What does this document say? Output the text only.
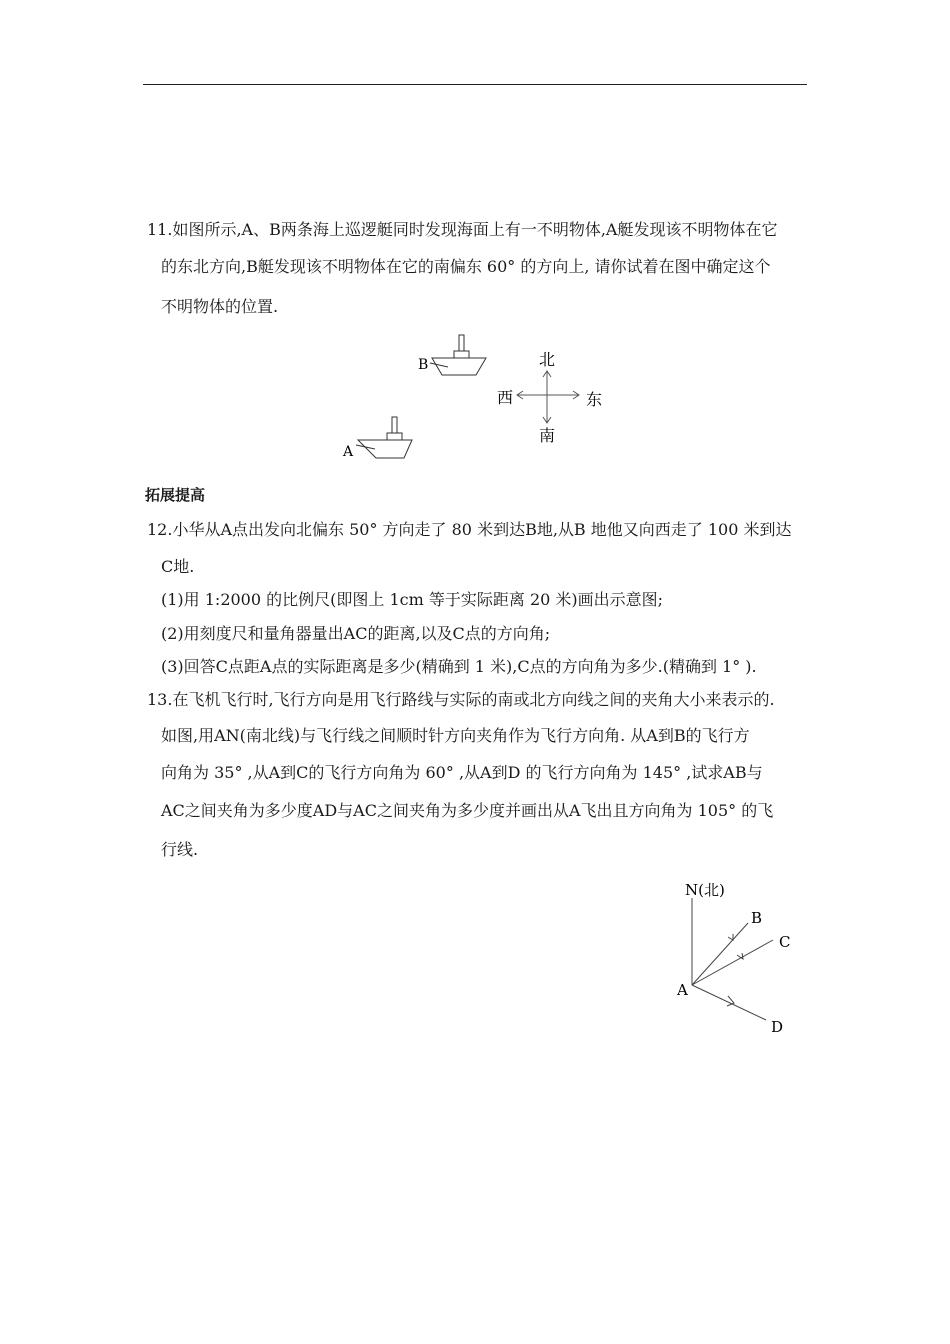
11.如图所示,A、B两条海上巡逻艇同时发现海面上有一不明物体,A艇发现该不明物体在它
的东北方向,B艇发现该不明物体在它的南偏东 60° 的方向上, 请你试着在图中确定这个
不明物体的位置.
B
A
北
南
西	东
拓展提高
12.小华从A点出发向北偏东 50° 方向走了 80 米到达B地,从B 地他又向西走了 100 米到达
C地.
(1)用 1:2000 的比例尺(即图上 1cm 等于实际距离 20 米)画出示意图;
(2)用刻度尺和量角器量出AC的距离,以及C点的方向角;
(3)回答C点距A点的实际距离是多少(精确到 1 米),C点的方向角为多少.(精确到 1° ).
13.在飞机飞行时,飞行方向是用飞行路线与实际的南或北方向线之间的夹角大小来表示的.
如图,用AN(南北线)与飞行线之间顺时针方向夹角作为飞行方向角. 从A到B的飞行方
向角为 35° ,从A到C的飞行方向角为 60° ,从A到D 的飞行方向角为 145° ,试求AB与
AC之间夹角为多少度AD与AC之间夹角为多少度并画出从A飞出且方向角为 105° 的飞
行线.
N(北)
B
C
D
A
